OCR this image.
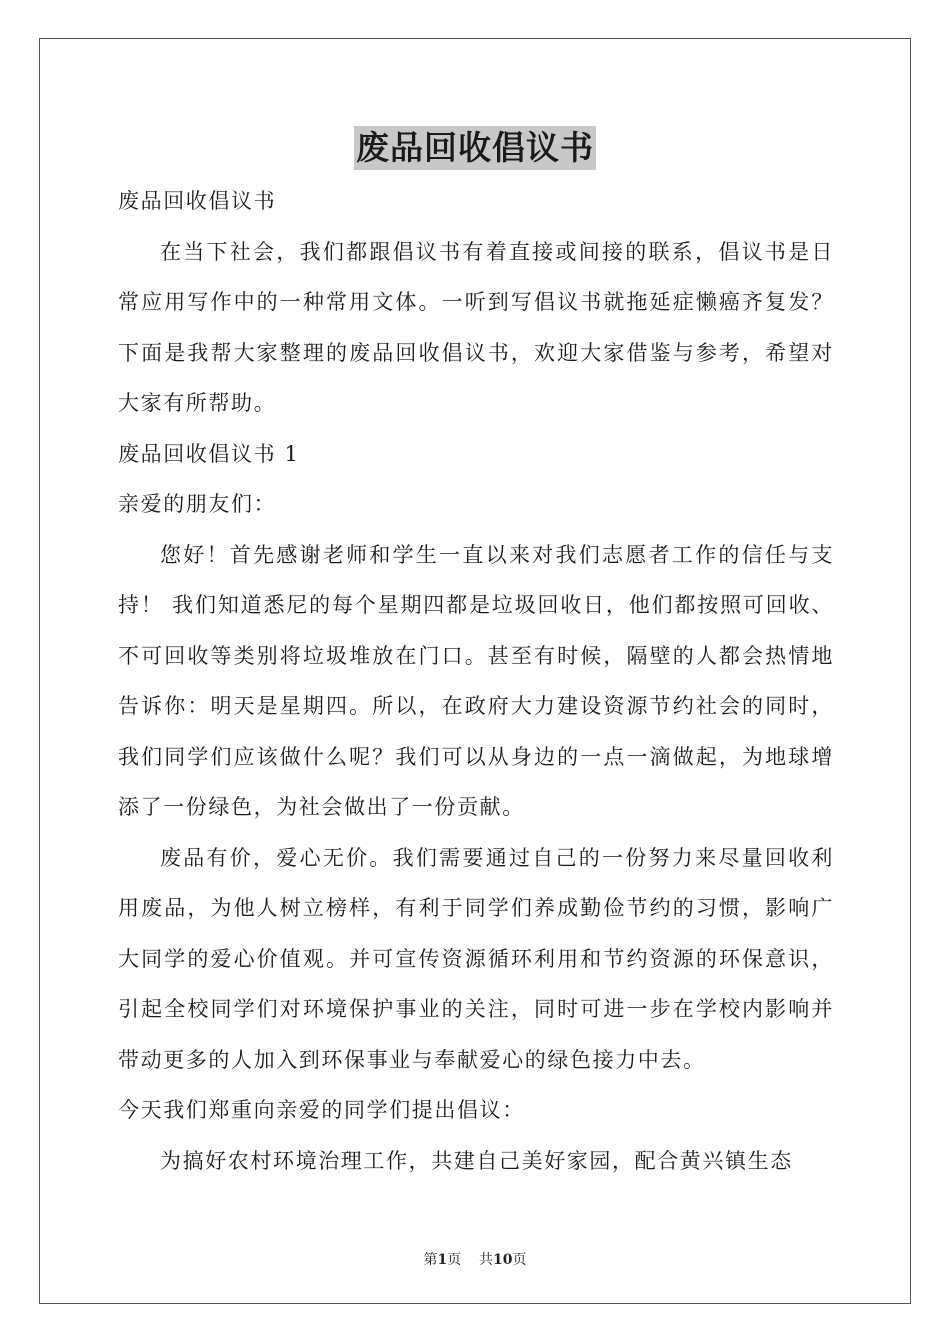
废品回收倡议书

废品回收倡议书

在当下社会，我们都跟倡议书有着直接或间接的联系，倡议书是日常应用写作中的一种常用文体。一听到写倡议书就拖延症懒癌齐复发？下面是我帮大家整理的废品回收倡议书，欢迎大家借鉴与参考，希望对大家有所帮助。

废品回收倡议书 1

亲爱的朋友们：

您好！首先感谢老师和学生一直以来对我们志愿者工作的信任与支持！ 我们知道悉尼的每个星期四都是垃圾回收日，他们都按照可回收、不可回收等类别将垃圾堆放在门口。甚至有时候，隔壁的人都会热情地告诉你：明天是星期四。所以，在政府大力建设资源节约社会的同时，我们同学们应该做什么呢？我们可以从身边的一点一滴做起，为地球增添了一份绿色，为社会做出了一份贡献。

废品有价，爱心无价。我们需要通过自己的一份努力来尽量回收利用废品，为他人树立榜样，有利于同学们养成勤俭节约的习惯，影响广大同学的爱心价值观。并可宣传资源循环利用和节约资源的环保意识，引起全校同学们对环境保护事业的关注，同时可进一步在学校内影响并带动更多的人加入到环保事业与奉献爱心的绿色接力中去。

今天我们郑重向亲爱的同学们提出倡议：

为搞好农村环境治理工作，共建自己美好家园，配合黄兴镇生态

第1页 共10页
